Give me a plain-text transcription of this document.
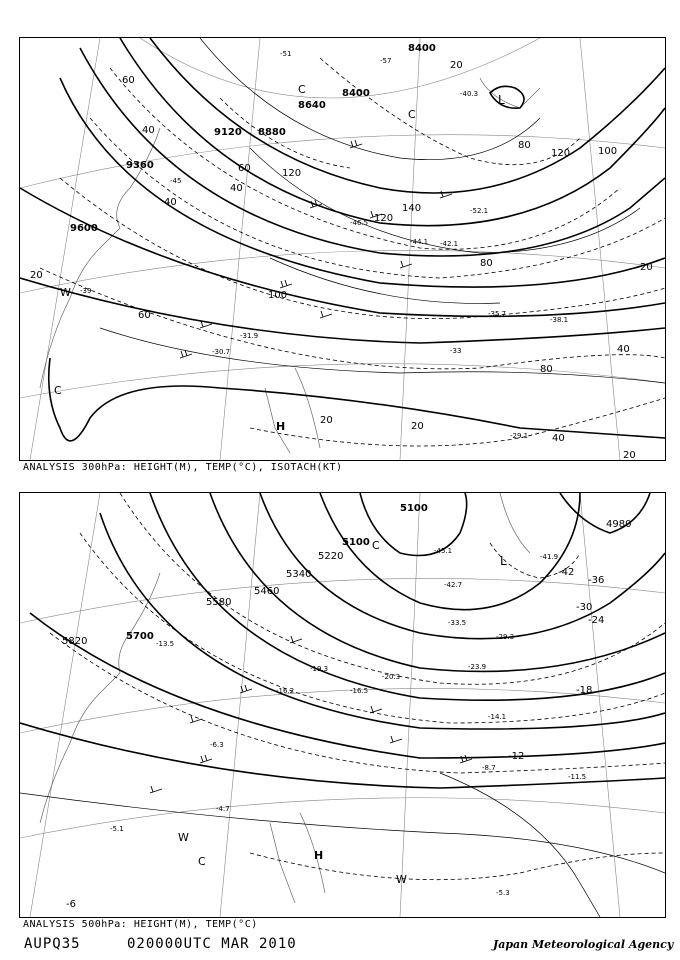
8400
8400
8640
8880
9120
9360
9600
60
40
40
60
40
20
60
100
120
140
120
80
120	100
80
40
80
20
20
40
20
20
20
-57
-51
-45
-39
-33
-29.1
-35.7
-38.1
-42.1
-44.1
-46.5
-52.1
-40.3
-30.7
-31.9
L
C
C
C
W
H
ANALYSIS 300hPa: HEIGHT(M), TEMP(°C), ISOTACH(KT)
5100
5100
5220
5340
5460
5580
5700
5820
4980
-42
-36
-30
-24
-18
-12
-6
-45.1
-42.7
-41.9
-33.5
-29.3
-23.9
-20.3
-16.5
-14.1
-11.5
-8.7
-5.3
-4.7
-5.1
-6.3
-13.5
-16.2
-19.3
L
C
W
C	H
W
ANALYSIS 500hPa: HEIGHT(M), TEMP(°C)
AUPQ35	020000UTC MAR 2010	Japan Meteorological Agency
